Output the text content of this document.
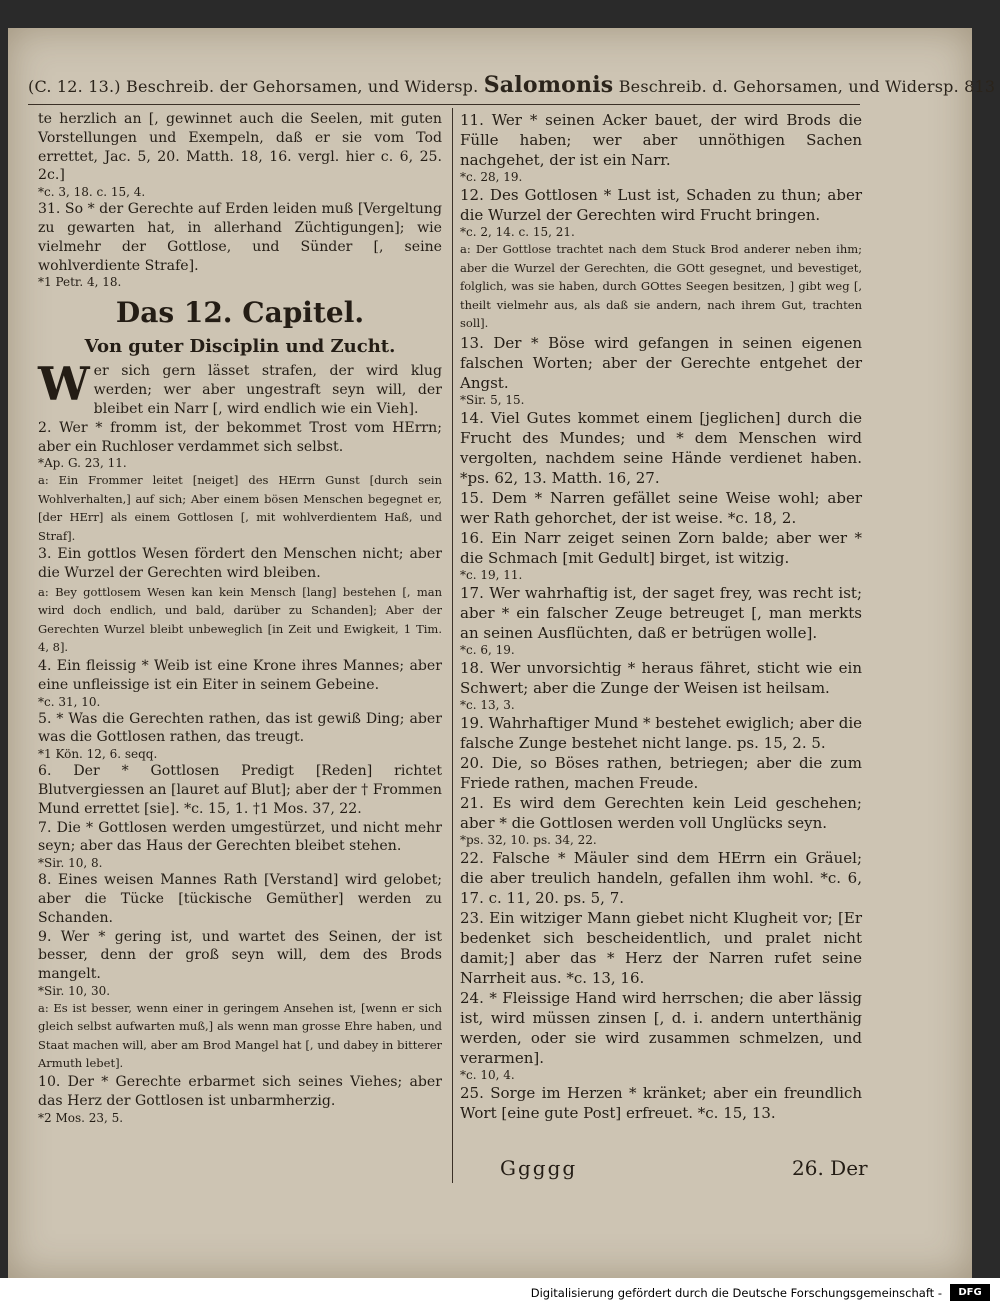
(C. 12. 13.) Beschreib. der Gehorsamen, und Widersp. Salomonis Beschreib. d. Gehorsamen, und Widersp. 813

te herzlich an [, gewinnet auch die Seelen, mit guten Vorstellungen und Exempeln, daß er sie vom Tod errettet, Jac. 5, 20. Matth. 18, 16. vergl. hier c. 6, 25. 2c.]

*c. 3, 18. c. 15, 4.

31. So * der Gerechte auf Erden leiden muß [Vergeltung zu gewarten hat, in allerhand Züchtigungen]; wie vielmehr der Gottlose, und Sünder [, seine wohlverdiente Strafe].

*1 Petr. 4, 18.

Das 12. Capitel.

Von guter Disciplin und Zucht.

Wer sich gern lässet strafen, der wird klug werden; wer aber ungestraft seyn will, der bleibet ein Narr [, wird endlich wie ein Vieh].

2. Wer * fromm ist, der bekommet Trost vom HErrn; aber ein Ruchloser verdammet sich selbst.

*Ap. G. 23, 11.

a: Ein Frommer leitet [neiget] des HErrn Gunst [durch sein Wohlverhalten,] auf sich; Aber einem bösen Menschen begegnet er, [der HErr] als einem Gottlosen [, mit wohlverdientem Haß, und Straf].

3. Ein gottlos Wesen fördert den Menschen nicht; aber die Wurzel der Gerechten wird bleiben.

a: Bey gottlosem Wesen kan kein Mensch [lang] bestehen [, man wird doch endlich, und bald, darüber zu Schanden]; Aber der Gerechten Wurzel bleibt unbeweglich [in Zeit und Ewigkeit, 1 Tim. 4, 8].

4. Ein fleissig * Weib ist eine Krone ihres Mannes; aber eine unfleissige ist ein Eiter in seinem Gebeine.

*c. 31, 10.

5. * Was die Gerechten rathen, das ist gewiß Ding; aber was die Gottlosen rathen, das treugt.

*1 Kön. 12, 6. seqq.

6. Der * Gottlosen Predigt [Reden] richtet Blutvergiessen an [lauret auf Blut]; aber der † Frommen Mund errettet [sie]. *c. 15, 1. †1 Mos. 37, 22.

7. Die * Gottlosen werden umgestürzet, und nicht mehr seyn; aber das Haus der Gerechten bleibet stehen.

*Sir. 10, 8.

8. Eines weisen Mannes Rath [Verstand] wird gelobet; aber die Tücke [tückische Gemüther] werden zu Schanden.

9. Wer * gering ist, und wartet des Seinen, der ist besser, denn der groß seyn will, dem des Brods mangelt.

*Sir. 10, 30.

a: Es ist besser, wenn einer in geringem Ansehen ist, [wenn er sich gleich selbst aufwarten muß,] als wenn man grosse Ehre haben, und Staat machen will, aber am Brod Mangel hat [, und dabey in bitterer Armuth lebet].

10. Der * Gerechte erbarmet sich seines Viehes; aber das Herz der Gottlosen ist unbarmherzig.

*2 Mos. 23, 5.

11. Wer * seinen Acker bauet, der wird Brods die Fülle haben; wer aber unnöthigen Sachen nachgehet, der ist ein Narr.

*c. 28, 19.

12. Des Gottlosen * Lust ist, Schaden zu thun; aber die Wurzel der Gerechten wird Frucht bringen.

*c. 2, 14. c. 15, 21.

a: Der Gottlose trachtet nach dem Stuck Brod anderer neben ihm; aber die Wurzel der Gerechten, die GOtt gesegnet, und bevestiget, folglich, was sie haben, durch GOttes Seegen besitzen, ] gibt weg [, theilt vielmehr aus, als daß sie andern, nach ihrem Gut, trachten soll].

13. Der * Böse wird gefangen in seinen eigenen falschen Worten; aber der Gerechte entgehet der Angst.

*Sir. 5, 15.

14. Viel Gutes kommet einem [jeglichen] durch die Frucht des Mundes; und * dem Menschen wird vergolten, nachdem seine Hände verdienet haben. *ps. 62, 13. Matth. 16, 27.

15. Dem * Narren gefället seine Weise wohl; aber wer Rath gehorchet, der ist weise. *c. 18, 2.

16. Ein Narr zeiget seinen Zorn balde; aber wer * die Schmach [mit Gedult] birget, ist witzig.

*c. 19, 11.

17. Wer wahrhaftig ist, der saget frey, was recht ist; aber * ein falscher Zeuge betreuget [, man merkts an seinen Ausflüchten, daß er betrügen wolle].

*c. 6, 19.

18. Wer unvorsichtig * heraus fähret, sticht wie ein Schwert; aber die Zunge der Weisen ist heilsam.

*c. 13, 3.

19. Wahrhaftiger Mund * bestehet ewiglich; aber die falsche Zunge bestehet nicht lange. ps. 15, 2. 5.

20. Die, so Böses rathen, betriegen; aber die zum Friede rathen, machen Freude.

21. Es wird dem Gerechten kein Leid geschehen; aber * die Gottlosen werden voll Unglücks seyn.

*ps. 32, 10. ps. 34, 22.

22. Falsche * Mäuler sind dem HErrn ein Gräuel; die aber treulich handeln, gefallen ihm wohl. *c. 6, 17. c. 11, 20. ps. 5, 7.

23. Ein witziger Mann giebet nicht Klugheit vor; [Er bedenket sich bescheidentlich, und pralet nicht damit;] aber das * Herz der Narren rufet seine Narrheit aus. *c. 13, 16.

24. * Fleissige Hand wird herrschen; die aber lässig ist, wird müssen zinsen [, d. i. andern unterthänig werden, oder sie wird zusammen schmelzen, und verarmen].

*c. 10, 4.

25. Sorge im Herzen * kränket; aber ein freundlich Wort [eine gute Post] erfreuet. *c. 15, 13.

Ggggg	26. Der
Digitalisierung gefördert durch die Deutsche Forschungsgemeinschaft -	DFG
